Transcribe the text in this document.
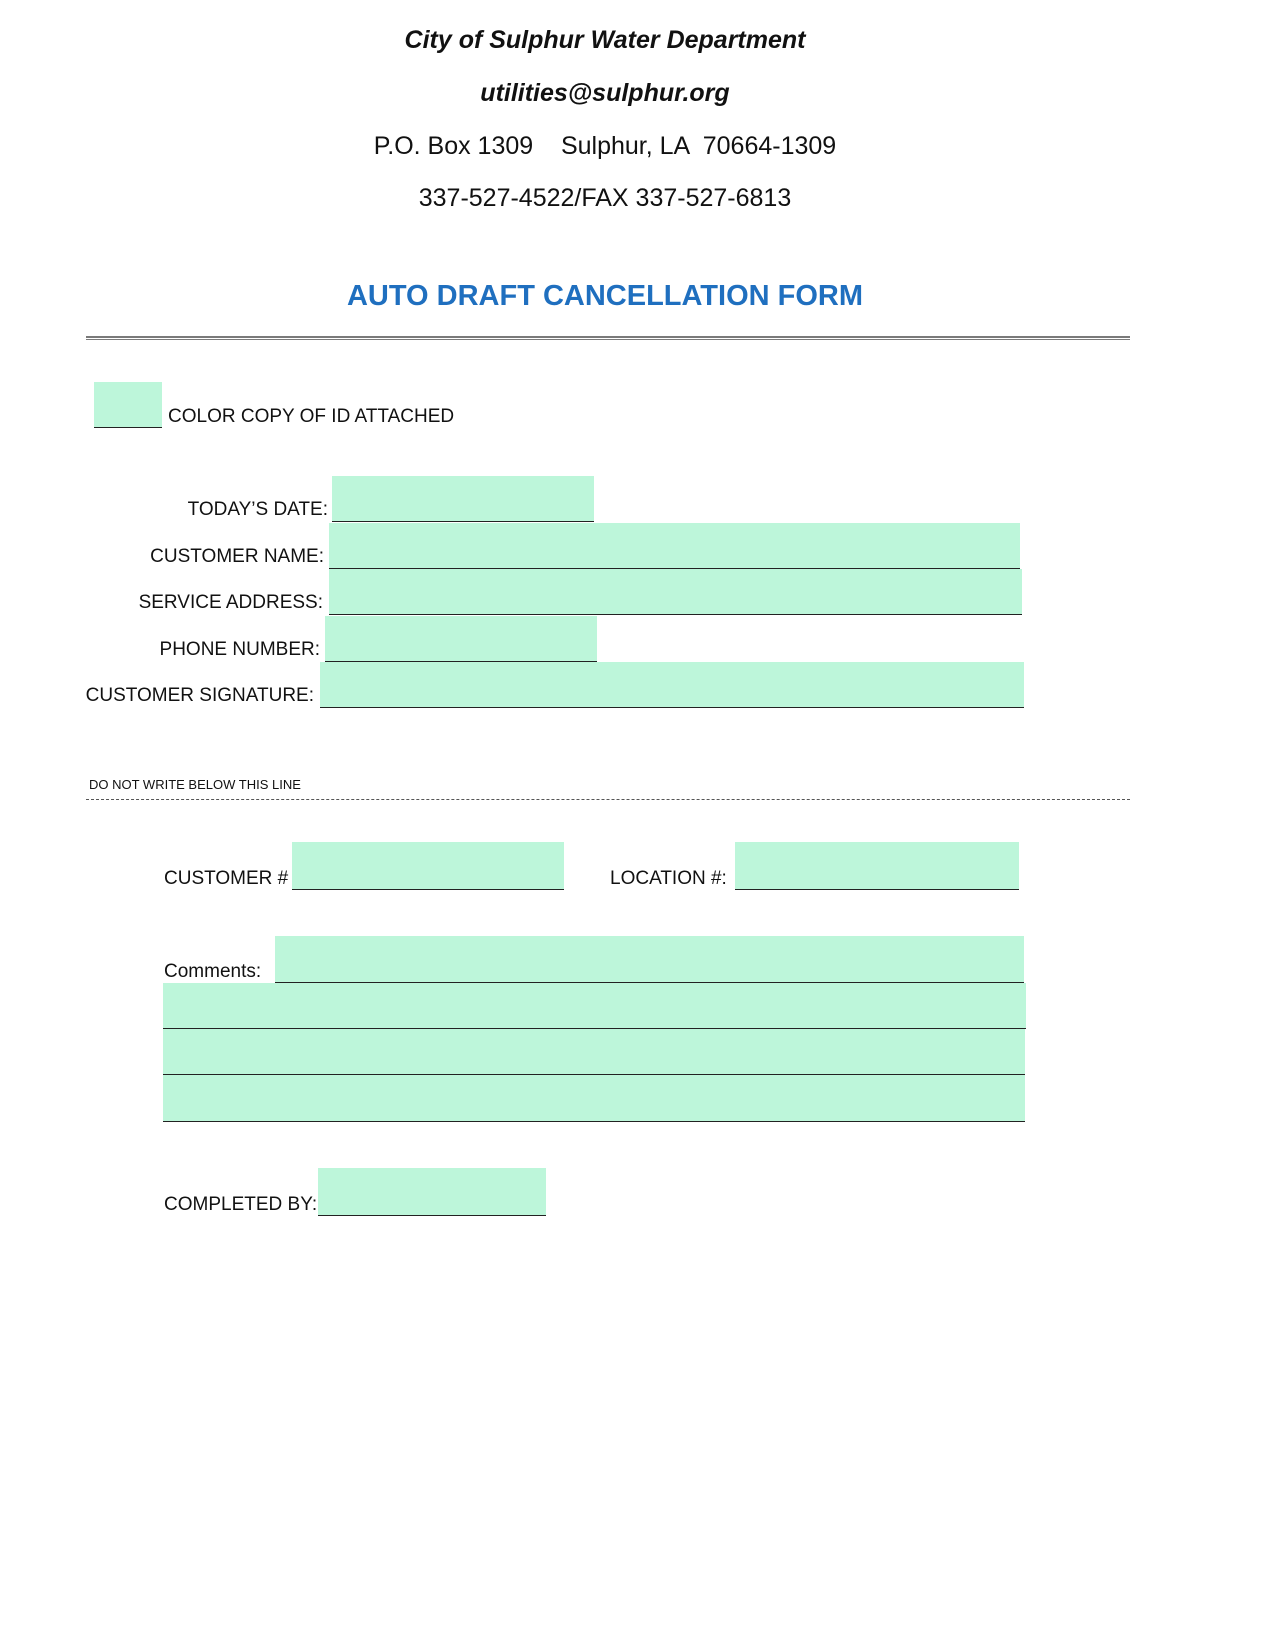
City of Sulphur Water Department
utilities@sulphur.org
P.O. Box 1309    Sulphur, LA  70664-1309
337-527-4522/FAX 337-527-6813
AUTO DRAFT CANCELLATION FORM
COLOR COPY OF ID ATTACHED
TODAY’S DATE:
CUSTOMER NAME:
SERVICE ADDRESS:
PHONE NUMBER:
CUSTOMER SIGNATURE:
DO NOT WRITE BELOW THIS LINE
CUSTOMER #	LOCATION #:
Comments:
COMPLETED BY:
